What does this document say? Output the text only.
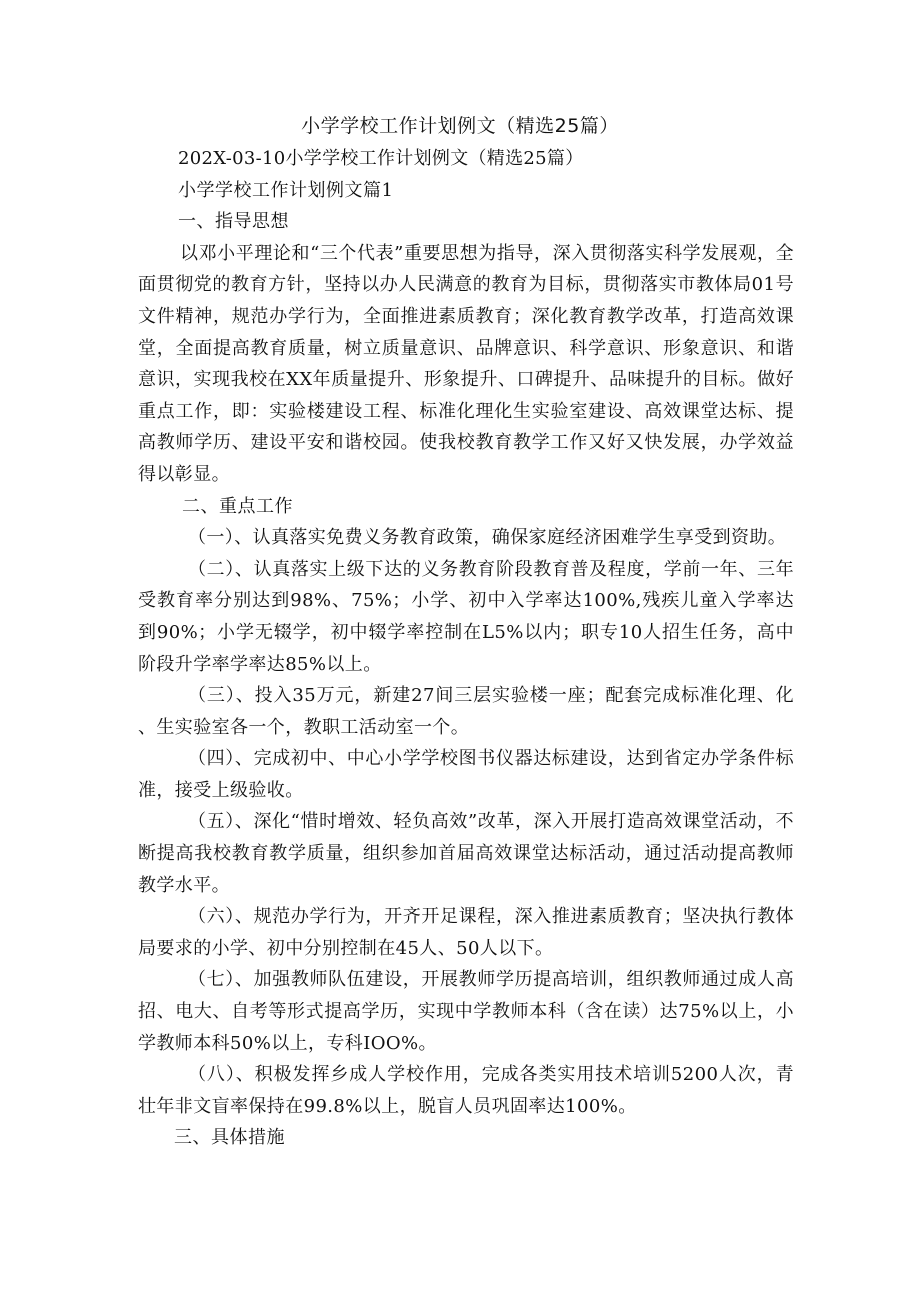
小学学校工作计划例文（精选25篇）

202X-03-10小学学校工作计划例文（精选25篇）

小学学校工作计划例文篇1

一、指导思想

以邓小平理论和“三个代表”重要思想为指导，深入贯彻落实科学发展观，全面贯彻党的教育方针，坚持以办人民满意的教育为目标，贯彻落实市教体局01号文件精神，规范办学行为，全面推进素质教育；深化教育教学改革，打造高效课堂，全面提高教育质量，树立质量意识、品牌意识、科学意识、形象意识、和谐意识，实现我校在XX年质量提升、形象提升、口碑提升、品味提升的目标。做好重点工作，即：实验楼建设工程、标准化理化生实验室建设、高效课堂达标、提高教师学历、建设平安和谐校园。使我校教育教学工作又好又快发展，办学效益得以彰显。

二、重点工作

（一）、认真落实免费义务教育政策，确保家庭经济困难学生享受到资助。

（二）、认真落实上级下达的义务教育阶段教育普及程度，学前一年、三年受教育率分别达到98%、75%；小学、初中入学率达100%,残疾儿童入学率达到90%；小学无辍学，初中辍学率控制在L5%以内；职专10人招生任务，高中阶段升学率学率达85%以上。

（三）、投入35万元，新建27间三层实验楼一座；配套完成标准化理、化、生实验室各一个，教职工活动室一个。

（四）、完成初中、中心小学学校图书仪器达标建设，达到省定办学条件标准，接受上级验收。

（五）、深化“惜时增效、轻负高效”改革，深入开展打造高效课堂活动，不断提高我校教育教学质量，组织参加首届高效课堂达标活动，通过活动提高教师教学水平。

（六）、规范办学行为，开齐开足课程，深入推进素质教育；坚决执行教体局要求的小学、初中分别控制在45人、50人以下。

（七）、加强教师队伍建设，开展教师学历提高培训，组织教师通过成人高招、电大、自考等形式提高学历，实现中学教师本科（含在读）达75%以上，小学教师本科50%以上，专科IOO%。

（八）、积极发挥乡成人学校作用，完成各类实用技术培训5200人次，青壮年非文盲率保持在99.8%以上，脱盲人员巩固率达100%。

三、具体措施
